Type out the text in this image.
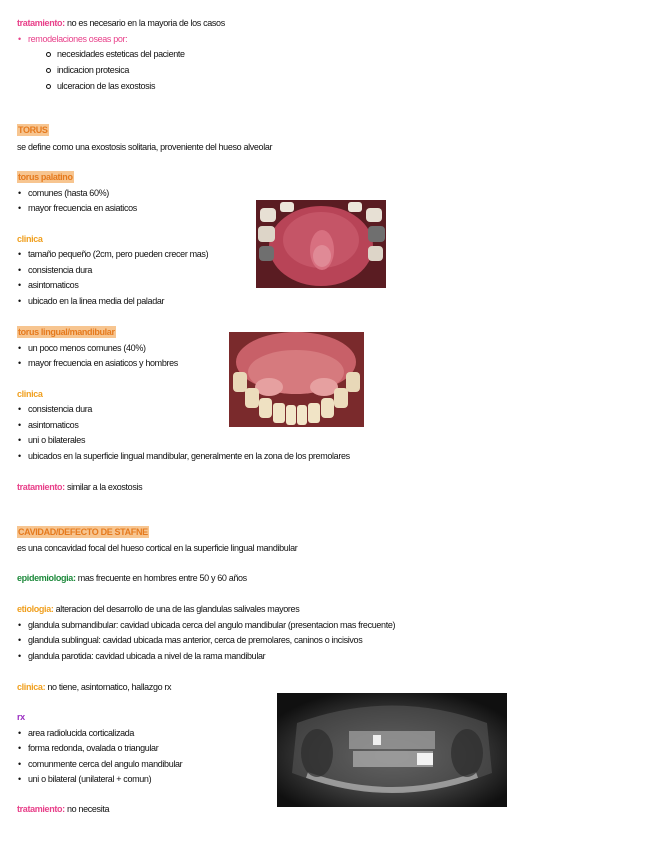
tratamiento: no es necesario en la mayoria de los casos
• remodelaciones oseas por:
necesidades esteticas del paciente
indicacion protesica
ulceracion de las exostosis
TORUS
se define como una exostosis solitaria, proveniente del hueso alveolar
torus palatino
• comunes (hasta 60%)
• mayor frecuencia en asiaticos
clinica
• tamaño pequeño (2cm, pero pueden crecer mas)
• consistencia dura
• asintomaticos
• ubicado en la linea media del paladar
torus lingual/mandibular
• un poco menos comunes (40%)
• mayor frecuencia en asiaticos y hombres
clinica
• consistencia dura
• asintomaticos
• uni o bilaterales
• ubicados en la superficie lingual mandibular, generalmente en la zona de los premolares
tratamiento: similar a la exostosis
CAVIDAD/DEFECTO DE STAFNE
es una concavidad focal del hueso cortical en la superficie lingual mandibular
epidemiologia: mas frecuente en hombres entre 50 y 60 años
etiologia: alteracion del desarrollo de una de las glandulas salivales mayores
• glandula submandibular: cavidad ubicada cerca del angulo mandibular (presentacion mas frecuente)
• glandula sublingual: cavidad ubicada mas anterior, cerca de premolares, caninos o incisivos
• glandula parotida: cavidad ubicada a nivel de la rama mandibular
clinica: no tiene, asintomatico, hallazgo rx
rx
• area radiolucida corticalizada
• forma redonda, ovalada o triangular
• comunmente cerca del angulo mandibular
• uni o bilateral (unilateral + comun)
tratamiento: no necesita
